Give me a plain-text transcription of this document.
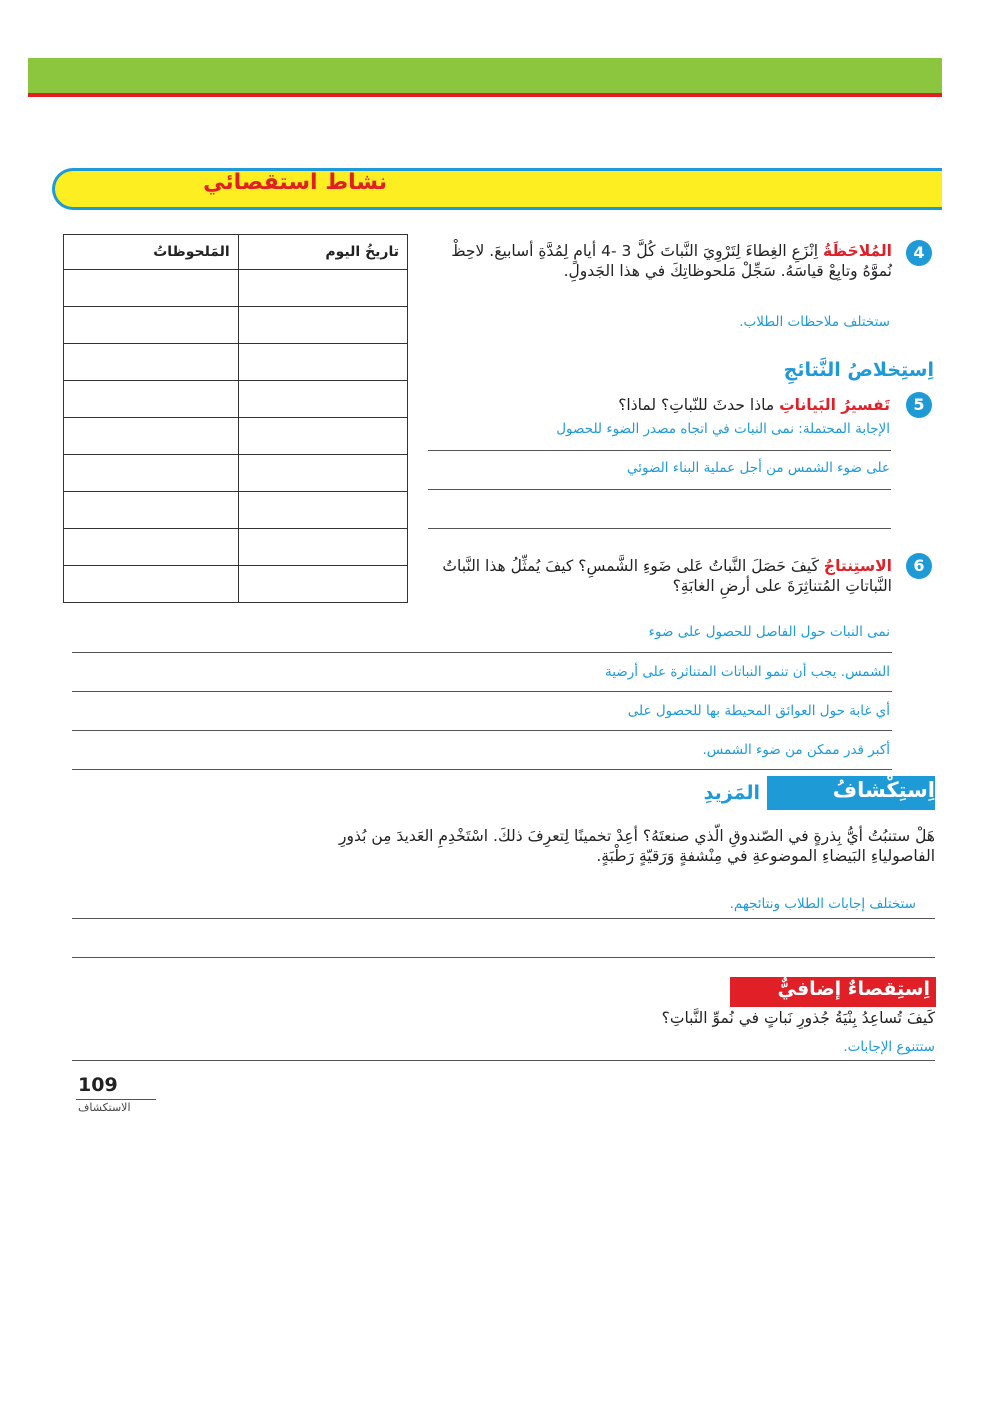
نشاط استقصائي
المَلحوظاتُ	تاريخُ اليوم

		4
المُلاحَظَةُ اِنْزَعِ الغِطاءَ لِتَرْوِيَ النَّباتَ كُلَّ 3 -4 أيامٍ لِمُدَّةِ أسابيعَ. لاحِظْ نُموَّهُ وتابِعْ قياسَهُ. سَجِّلْ مَلحوظاتِكَ في هذا الجَدولِ.
ستختلف ملاحظات الطلاب.
اِستِخلاصُ النَّتائجِ
5
تَفسيرُ البَياناتِ ماذا حدثَ للنّباتِ؟ لماذا؟
الإجابة المحتملة: نمى النبات في اتجاه مصدر الضوء للحصول
على ضوء الشمس من أجل عملية البناء الضوئي
6
الاستِنتاجُ كَيفَ حَصَلَ النَّباتُ عَلى ضَوءِ الشَّمسِ؟ كيفَ يُمثِّلُ هذا النَّباتُ النَّباتاتِ المُتناثِرَةَ على أرضِ الغابَةِ؟
نمى النبات حول الفاصل للحصول على ضوء
الشمس. يجب أن تنمو النباتات المتناثرة على أرضية
أي غابة حول العوائق المحيطة بها للحصول على
أكبر قدر ممكن من ضوء الشمس.
اِستِكْشافُ
المَزيدِ
هَلْ ستنبُتُ أيُّ بِذرةٍ في الصّندوقِ الّذي صنعتَهُ؟ أعِدْ تخمينًا لِتعرِفَ ذلكَ. اسْتَخْدِمِ العَديدَ مِن بُذورِ الفاصولياءِ البَيضاءِ الموضوعةِ في مِنْشفةٍ وَرَقيّةٍ رَطْبَةٍ.
ستختلف إجابات الطلاب ونتائجهم.
اِستِقصاءٌ إضافيٌّ
كَيفَ تُساعِدُ بِنْيَةُ جُذورِ نَباتٍ في نُموِّ النَّباتِ؟
ستتنوع الإجابات.
109
الاستكشاف
